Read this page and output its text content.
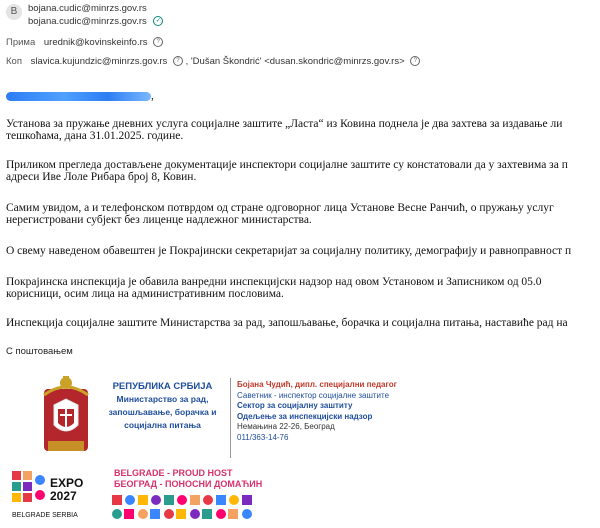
B	bojana.cudic@minrzs.gov.rs
bojana.cudic@minrzs.gov.rs ✓
Прима urednik@kovinskeinfo.rs ?
Коп slavica.kujundzic@minrzs.gov.rs ? , 'Dušan Škondrić' <dusan.skondric@minrzs.gov.rs> ?
,
Установа за пружање дневних услуга социјалне заштите „Ласта“ из Ковина поднела је два захтева за издавање ли
тешкоћама, дана 31.01.2025. године.
Приликом прегледа достављене документације инспектори социјалне заштите су констатовали да у захтевима за п
адреси Иве Лоле Рибара број 8, Ковин.
Самим увидом, а и телефонском потврдом од стране одговорног лица Установе Весне Ранчић, о пружању услуг
нерегистровани субјект без лиценце надлежног министарства.
О свему наведеном обавештен је Покрајински секретаријат за социјалну политику, демографију и равноправност п
Покрајинска инспекција је обавила ванредни инспекцијски надзор над овом Установом и Записником од 05.0
корисници, осим лица на административним пословима.
Инспекција социјалне заштите Министарства за рад, запошљавање, борачка и социјална питања, наставиће рад на
С поштовањем
РЕПУБЛИКА СРБИЈА
Министарство за рад,
запошљавање, борачка и
социјална питања
Бојана Чудић, дипл. специјални педагог
Саветник - инспектор социјалне заштите
Сектор за социјалну заштиту
Одељење за инспекцијски надзор
Немањина 22-26, Београд
011/363-14-76
EXPO
2027
BELGRADE SERBIA
BELGRADE - PROUD HOST
БЕОГРАД - ПОНОСНИ ДОМАЋИН
